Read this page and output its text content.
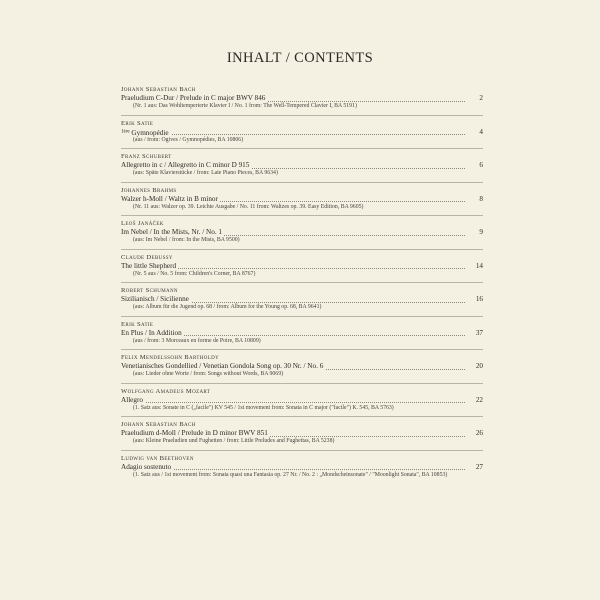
INHALT / CONTENTS
Johann Sebastian Bach
Praeludium C-Dur / Prelude in C major BWV 846	2
(Nr. 1 aus: Das Wohltemperierte Klavier I / No. 1 from: The Well-Tempered Clavier I, BA 5191)
Erik Satie
$^{1ère}$ Gymnopédie	4
(aus / from: Ogives / Gymnopédies, BA 10806)
Franz Schubert
Allegretto in c / Allegretto in C minor D 915	6
(aus: Späte Klavierstücke / from: Late Piano Pieces, BA 9634)
Johannes Brahms
Walzer h-Moll / Waltz in B minor	8
(Nr. 11 aus: Walzer op. 39. Leichte Ausgabe / No. 11 from: Waltzes op. 39. Easy Edition, BA 9605)
Leoš Janáček
Im Nebel / In the Mists, Nr. / No. 1	9
(aus: Im Nebel / from: In the Mists, BA 9500)
Claude Debussy
The little Shepherd	14
(Nr. 5 aus / No. 5 from: Children's Corner, BA 8767)
Robert Schumann
Sizilianisch / Sicilienne	16
(aus: Album für die Jugend op. 68 / from: Album for the Young op. 68, BA 9641)
Erik Satie
En Plus / In Addition	37
(aus / from: 3 Morceaux en forme de Poire, BA 10809)
Felix Mendelssohn Bartholdy
Venetianisches Gondellied / Venetian Gondola Song op. 30 Nr. / No. 6	20
(aus: Lieder ohne Worte / from: Songs without Words, BA 9069)
Wolfgang Amadeus Mozart
Allegro	22
(1. Satz aus: Sonate in C („facile") KV 545 / 1st movement from: Sonata in C major ("facile") K. 545, BA 5763)
Johann Sebastian Bach
Praeludium d-Moll / Prelude in D minor BWV 851	26
(aus: Kleine Praeludien und Fughetten / from: Little Preludes and Fughettas, BA 5238)
Ludwig van Beethoven
Adagio sostenuto	27
(1. Satz aus / 1st movement from: Sonata quasi una Fantasia op. 27 Nr. / No. 2 : „Mondscheinsonate" / "Moonlight Sonata", BA 10853)
